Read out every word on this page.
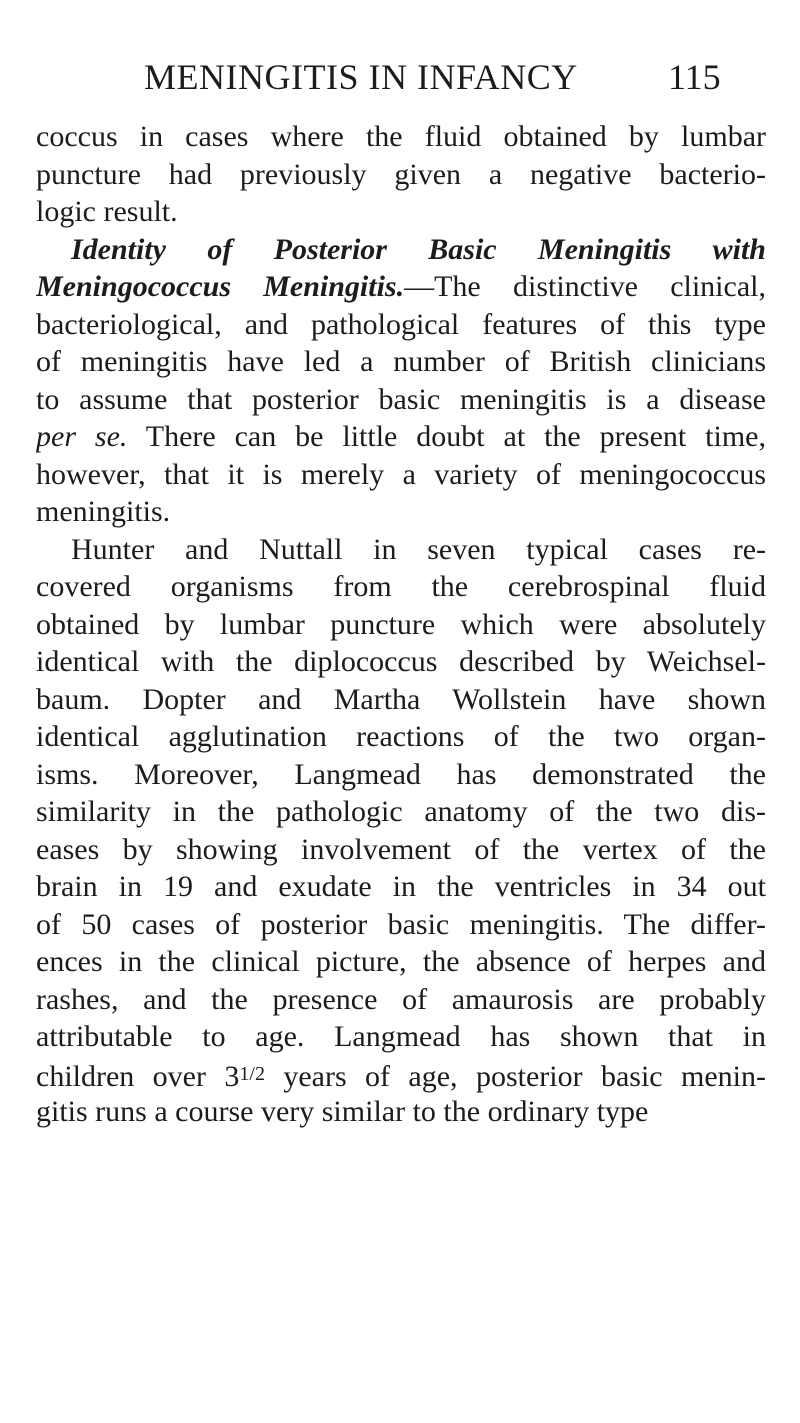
MENINGITIS IN INFANCY	115
coccus in cases where the fluid obtained by lumbar
puncture had previously given a negative bacterio-
logic result.
Identity of Posterior Basic Meningitis with
Meningococcus Meningitis.—The distinctive clinical,
bacteriological, and pathological features of this type
of meningitis have led a number of British clinicians
to assume that posterior basic meningitis is a disease
per se. There can be little doubt at the present time,
however, that it is merely a variety of meningococcus
meningitis.
Hunter and Nuttall in seven typical cases re-
covered organisms from the cerebrospinal fluid
obtained by lumbar puncture which were absolutely
identical with the diplococcus described by Weichsel-
baum. Dopter and Martha Wollstein have shown
identical agglutination reactions of the two organ-
isms. Moreover, Langmead has demonstrated the
similarity in the pathologic anatomy of the two dis-
eases by showing involvement of the vertex of the
brain in 19 and exudate in the ventricles in 34 out
of 50 cases of posterior basic meningitis. The differ-
ences in the clinical picture, the absence of herpes and
rashes, and the presence of amaurosis are probably
attributable to age. Langmead has shown that in
children over $3^{1/2}$ years of age, posterior basic menin-
gitis runs a course very similar to the ordinary type
